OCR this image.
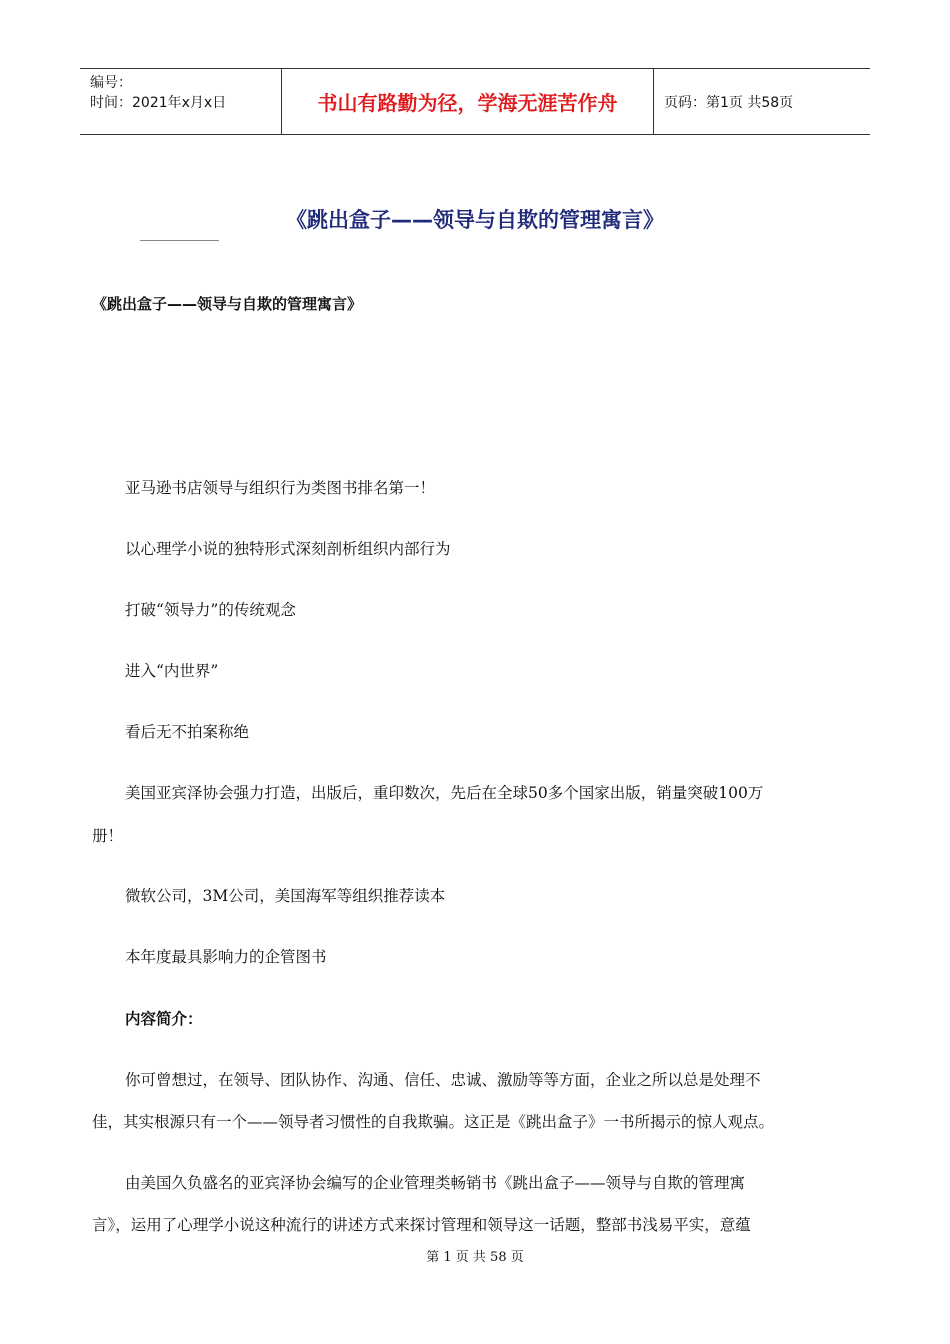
编号：
时间：2021年x月x日	书山有路勤为径，学海无涯苦作舟	页码：第1页 共58页
《跳出盒子——领导与自欺的管理寓言》
《跳出盒子——领导与自欺的管理寓言》
亚马逊书店领导与组织行为类图书排名第一！
以心理学小说的独特形式深刻剖析组织内部行为
打破“领导力”的传统观念
进入“内世界”
看后无不拍案称绝
美国亚宾泽协会强力打造，出版后，重印数次，先后在全球50多个国家出版，销量突破100万
册！
微软公司，3M公司，美国海军等组织推荐读本
本年度最具影响力的企管图书
内容简介：
你可曾想过，在领导、团队协作、沟通、信任、忠诚、激励等等方面，企业之所以总是处理不
佳，其实根源只有一个——领导者习惯性的自我欺骗。这正是《跳出盒子》一书所揭示的惊人观点。
由美国久负盛名的亚宾泽协会编写的企业管理类畅销书《跳出盒子——领导与自欺的管理寓
言》，运用了心理学小说这种流行的讲述方式来探讨管理和领导这一话题，整部书浅易平实，意蕴
第 1 页 共 58 页
